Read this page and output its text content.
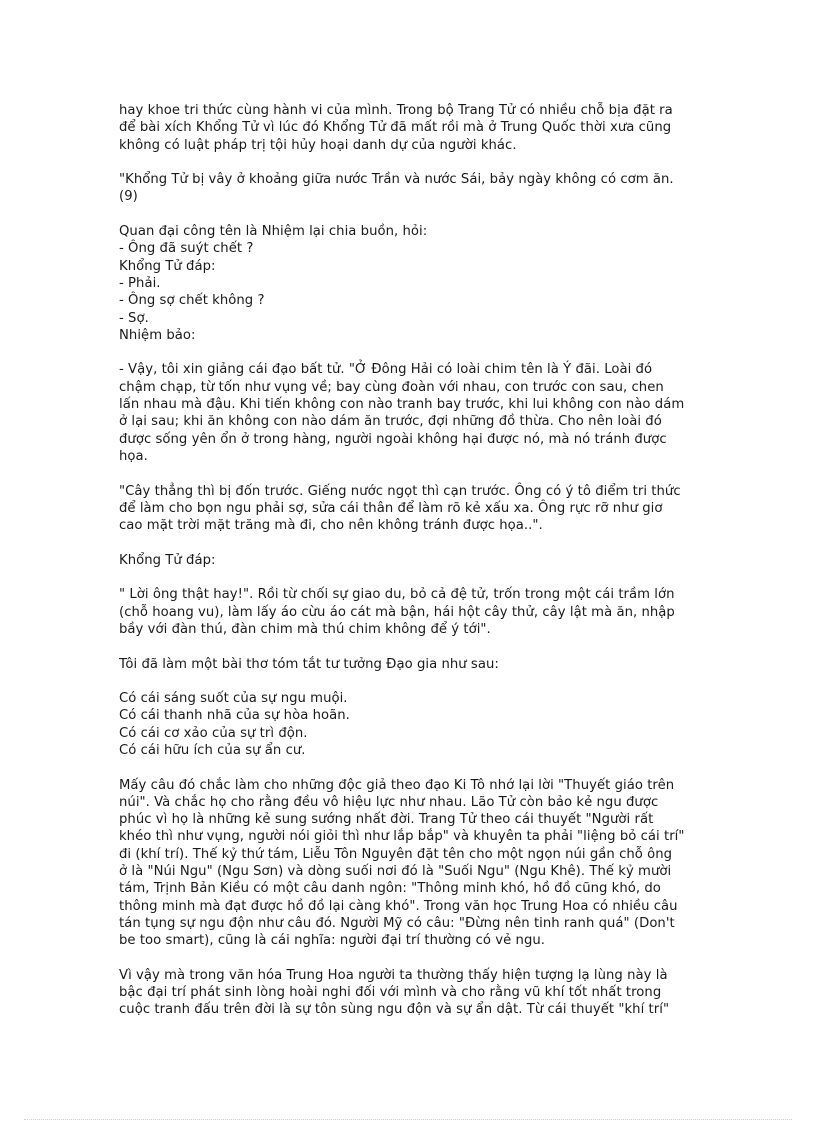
hay khoe tri thức cùng hành vi của mình. Trong bộ Trang Tử có nhiều chỗ bịa đặt ra
để bài xích Khổng Tử vì lúc đó Khổng Tử đã mất rồi mà ở Trung Quốc thời xưa cũng
không có luật pháp trị tội hủy hoại danh dự của người khác.
"Khổng Tử bị vây ở khoảng giữa nước Trần và nước Sái, bảy ngày không có cơm ăn.
(9)
Quan đại công tên là Nhiệm lại chia buồn, hỏi:
- Ông đã suýt chết ?
Khổng Tử đáp:
- Phải.
- Ông sợ chết không ?
- Sợ.
Nhiệm bảo:
- Vậy, tôi xin giảng cái đạo bất tử. "Ở Đông Hải có loài chim tên là Ý đãi. Loài đó
chậm chạp, từ tốn như vụng về; bay cùng đoàn với nhau, con trước con sau, chen
lấn nhau mà đậu. Khi tiến không con nào tranh bay trước, khi lui không con nào dám
ở lại sau; khi ăn không con nào dám ăn trước, đợi những đồ thừa. Cho nên loài đó
được sống yên ổn ở trong hàng, người ngoài không hại được nó, mà nó tránh được
họa.
"Cây thẳng thì bị đốn trước. Giếng nước ngọt thì cạn trước. Ông có ý tô điểm tri thức
để làm cho bọn ngu phải sợ, sửa cái thân để làm rõ kẻ xấu xa. Ông rực rỡ như giơ
cao mặt trời mặt trăng mà đi, cho nên không tránh được họa..".
Khổng Tử đáp:
" Lời ông thật hay!". Rồi từ chối sự giao du, bỏ cả đệ tử, trốn trong một cái trầm lớn
(chỗ hoang vu), làm lấy áo cừu áo cát mà bận, hái hột cây thử, cây lật mà ăn, nhập
bầy với đàn thú, đàn chim mà thú chim không để ý tới".
Tôi đã làm một bài thơ tóm tắt tư tưởng Đạo gia như sau:
Có cái sáng suốt của sự ngu muội.
Có cái thanh nhã của sự hòa hoãn.
Có cái cơ xảo của sự trì độn.
Có cái hữu ích của sự ẩn cư.
Mấy câu đó chắc làm cho những độc giả theo đạo Ki Tô nhớ lại lời "Thuyết giáo trên
núi". Và chắc họ cho rằng đều vô hiệu lực như nhau. Lão Tử còn bảo kẻ ngu được
phúc vì họ là những kẻ sung sướng nhất đời. Trang Tử theo cái thuyết "Người rất
khéo thì như vụng, người nói giỏi thì như lắp bắp" và khuyên ta phải "liệng bỏ cái trí"
đi (khí trí). Thế kỷ thứ tám, Liễu Tôn Nguyên đặt tên cho một ngọn núi gần chỗ ông
ở là "Núi Ngu" (Ngu Sơn) và dòng suối nơi đó là "Suối Ngu" (Ngu Khê). Thế kỷ mười
tám, Trịnh Bản Kiều có một câu danh ngôn: "Thông minh khó, hồ đồ cũng khó, do
thông minh mà đạt được hồ đồ lại càng khó". Trong văn học Trung Hoa có nhiều câu
tán tụng sự ngu độn như câu đó. Người Mỹ có câu: "Đừng nên tinh ranh quá" (Don't
be too smart), cũng là cái nghĩa: người đại trí thường có vẻ ngu.
Vì vậy mà trong văn hóa Trung Hoa người ta thường thấy hiện tượng lạ lùng này là
bậc đại trí phát sinh lòng hoài nghi đối với mình và cho rằng vũ khí tốt nhất trong
cuộc tranh đấu trên đời là sự tôn sùng ngu độn và sự ẩn dật. Từ cái thuyết "khí trí"
